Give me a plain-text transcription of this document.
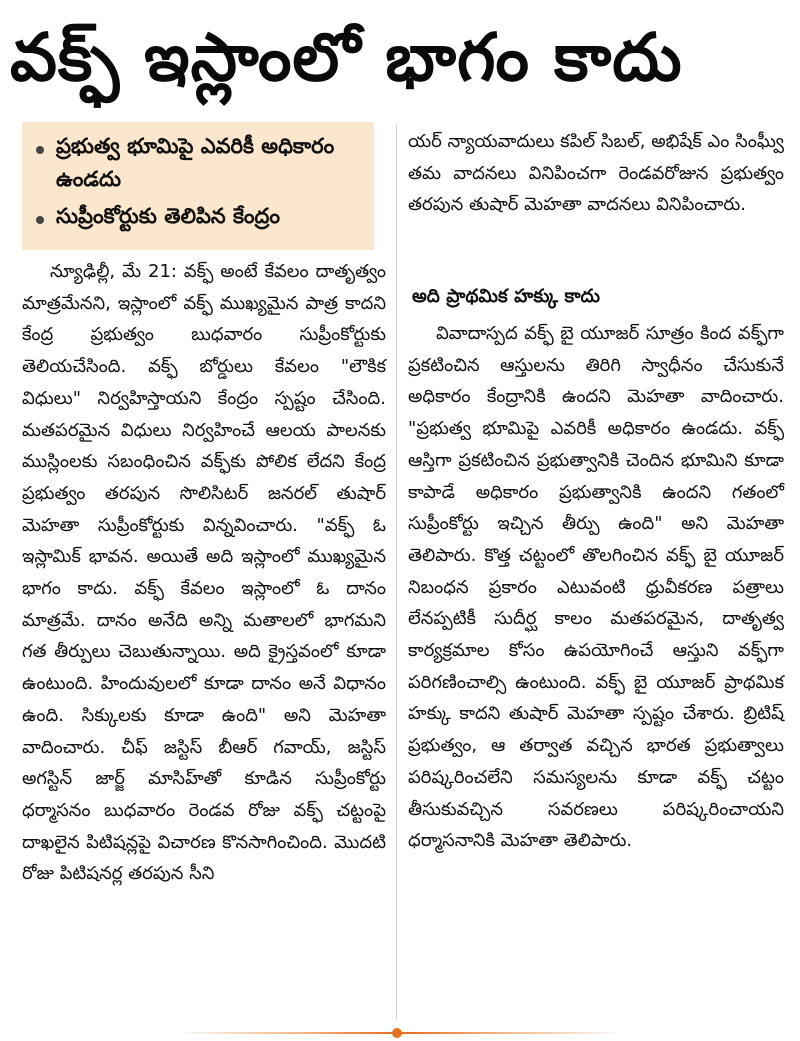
వక్ఫ్ ఇస్లాంలో భాగం కాదు
ప్రభుత్వ భూమిపై ఎవరికీ అధికారం ఉండదు
సుప్రీంకోర్టుకు తెలిపిన కేంద్రం

న్యూఢిల్లీ, మే 21: వక్ఫ్ అంటే కేవలం దాతృత్వం మాత్రమేనని, ఇస్లాంలో వక్ఫ్ ముఖ్యమైన పాత్ర కాదని కేంద్ర ప్రభుత్వం బుధవారం సుప్రీంకోర్టుకు తెలియచేసింది. వక్ఫ్ బోర్డులు కేవలం "లౌకిక విధులు" నిర్వహిస్తాయని కేంద్రం స్పష్టం చేసింది. మతపరమైన విధులు నిర్వహించే ఆలయ పాలనకు ముస్లింలకు సబంధించిన వక్ఫ్‌కు పోలిక లేదని కేంద్ర ప్రభుత్వం తరపున సొలిసిటర్ జనరల్ తుషార్ మెహతా సుప్రీంకోర్టుకు విన్నవించారు. "వక్ఫ్ ఓ ఇస్లామిక్ భావన. అయితే అది ఇస్లాంలో ముఖ్యమైన భాగం కాదు. వక్ఫ్ కేవలం ఇస్లాంలో ఓ దానం మాత్రమే. దానం అనేది అన్ని మతాలలో భాగమని గత తీర్పులు చెబుతున్నాయి. అది క్రైస్తవంలో కూడా ఉంటుంది. హిందువులలో కూడా దానం అనే విధానం ఉంది. సిక్కులకు కూడా ఉంది" అని మెహతా వాదించారు. చీఫ్ జస్టిస్ బీఆర్ గవాయ్, జస్టిస్ అగస్టిన్ జార్జ్ మాసిహ్‌తో కూడిన సుప్రీంకోర్టు ధర్మాసనం బుధవారం రెండవ రోజు వక్ఫ్ చట్టంపై దాఖలైన పిటిషన్లపై విచారణ కొనసాగించింది. మొదటి రోజు పిటిషనర్ల తరపున సీని

యర్ న్యాయవాదులు కపిల్ సిబల్, అభిషేక్ ఎం సింఘ్వీ తమ వాదనలు వినిపించగా రెండవరోజున ప్రభుత్వం తరపున తుషార్ మెహతా వాదనలు వినిపించారు.

అది ప్రాథమిక హక్కు కాదు

వివాదాస్పద వక్ఫ్ బై యూజర్ సూత్రం కింద వక్ఫ్‌గా ప్రకటించిన ఆస్తులను తిరిగి స్వాధీనం చేసుకునే అధికారం కేంద్రానికి ఉందని మెహతా వాదించారు. "ప్రభుత్వ భూమిపై ఎవరికీ అధికారం ఉండదు. వక్ఫ్ ఆస్తిగా ప్రకటించిన ప్రభుత్వానికి చెందిన భూమిని కూడా కాపాడే అధికారం ప్రభుత్వానికి ఉందని గతంలో సుప్రీంకోర్టు ఇచ్చిన తీర్పు ఉంది" అని మెహతా తెలిపారు. కొత్త చట్టంలో తొలగించిన వక్ఫ్ బై యూజర్ నిబంధన ప్రకారం ఎటువంటి ధ్రువీకరణ పత్రాలు లేనప్పటికీ సుదీర్ఘ కాలం మతపరమైన, దాతృత్వ కార్యక్రమాల కోసం ఉపయోగించే ఆస్తుని వక్ఫ్‌గా పరిగణించాల్సి ఉంటుంది. వక్ఫ్ బై యూజర్ ప్రాథమిక హక్కు కాదని తుషార్ మెహతా స్పష్టం చేశారు. బ్రిటిష్ ప్రభుత్వం, ఆ తర్వాత వచ్చిన భారత ప్రభుత్వాలు పరిష్కరించలేని సమస్యలను కూడా వక్ఫ్ చట్టం తీసుకువచ్చిన సవరణలు పరిష్కరించాయని ధర్మాసనానికి మెహతా తెలిపారు.
